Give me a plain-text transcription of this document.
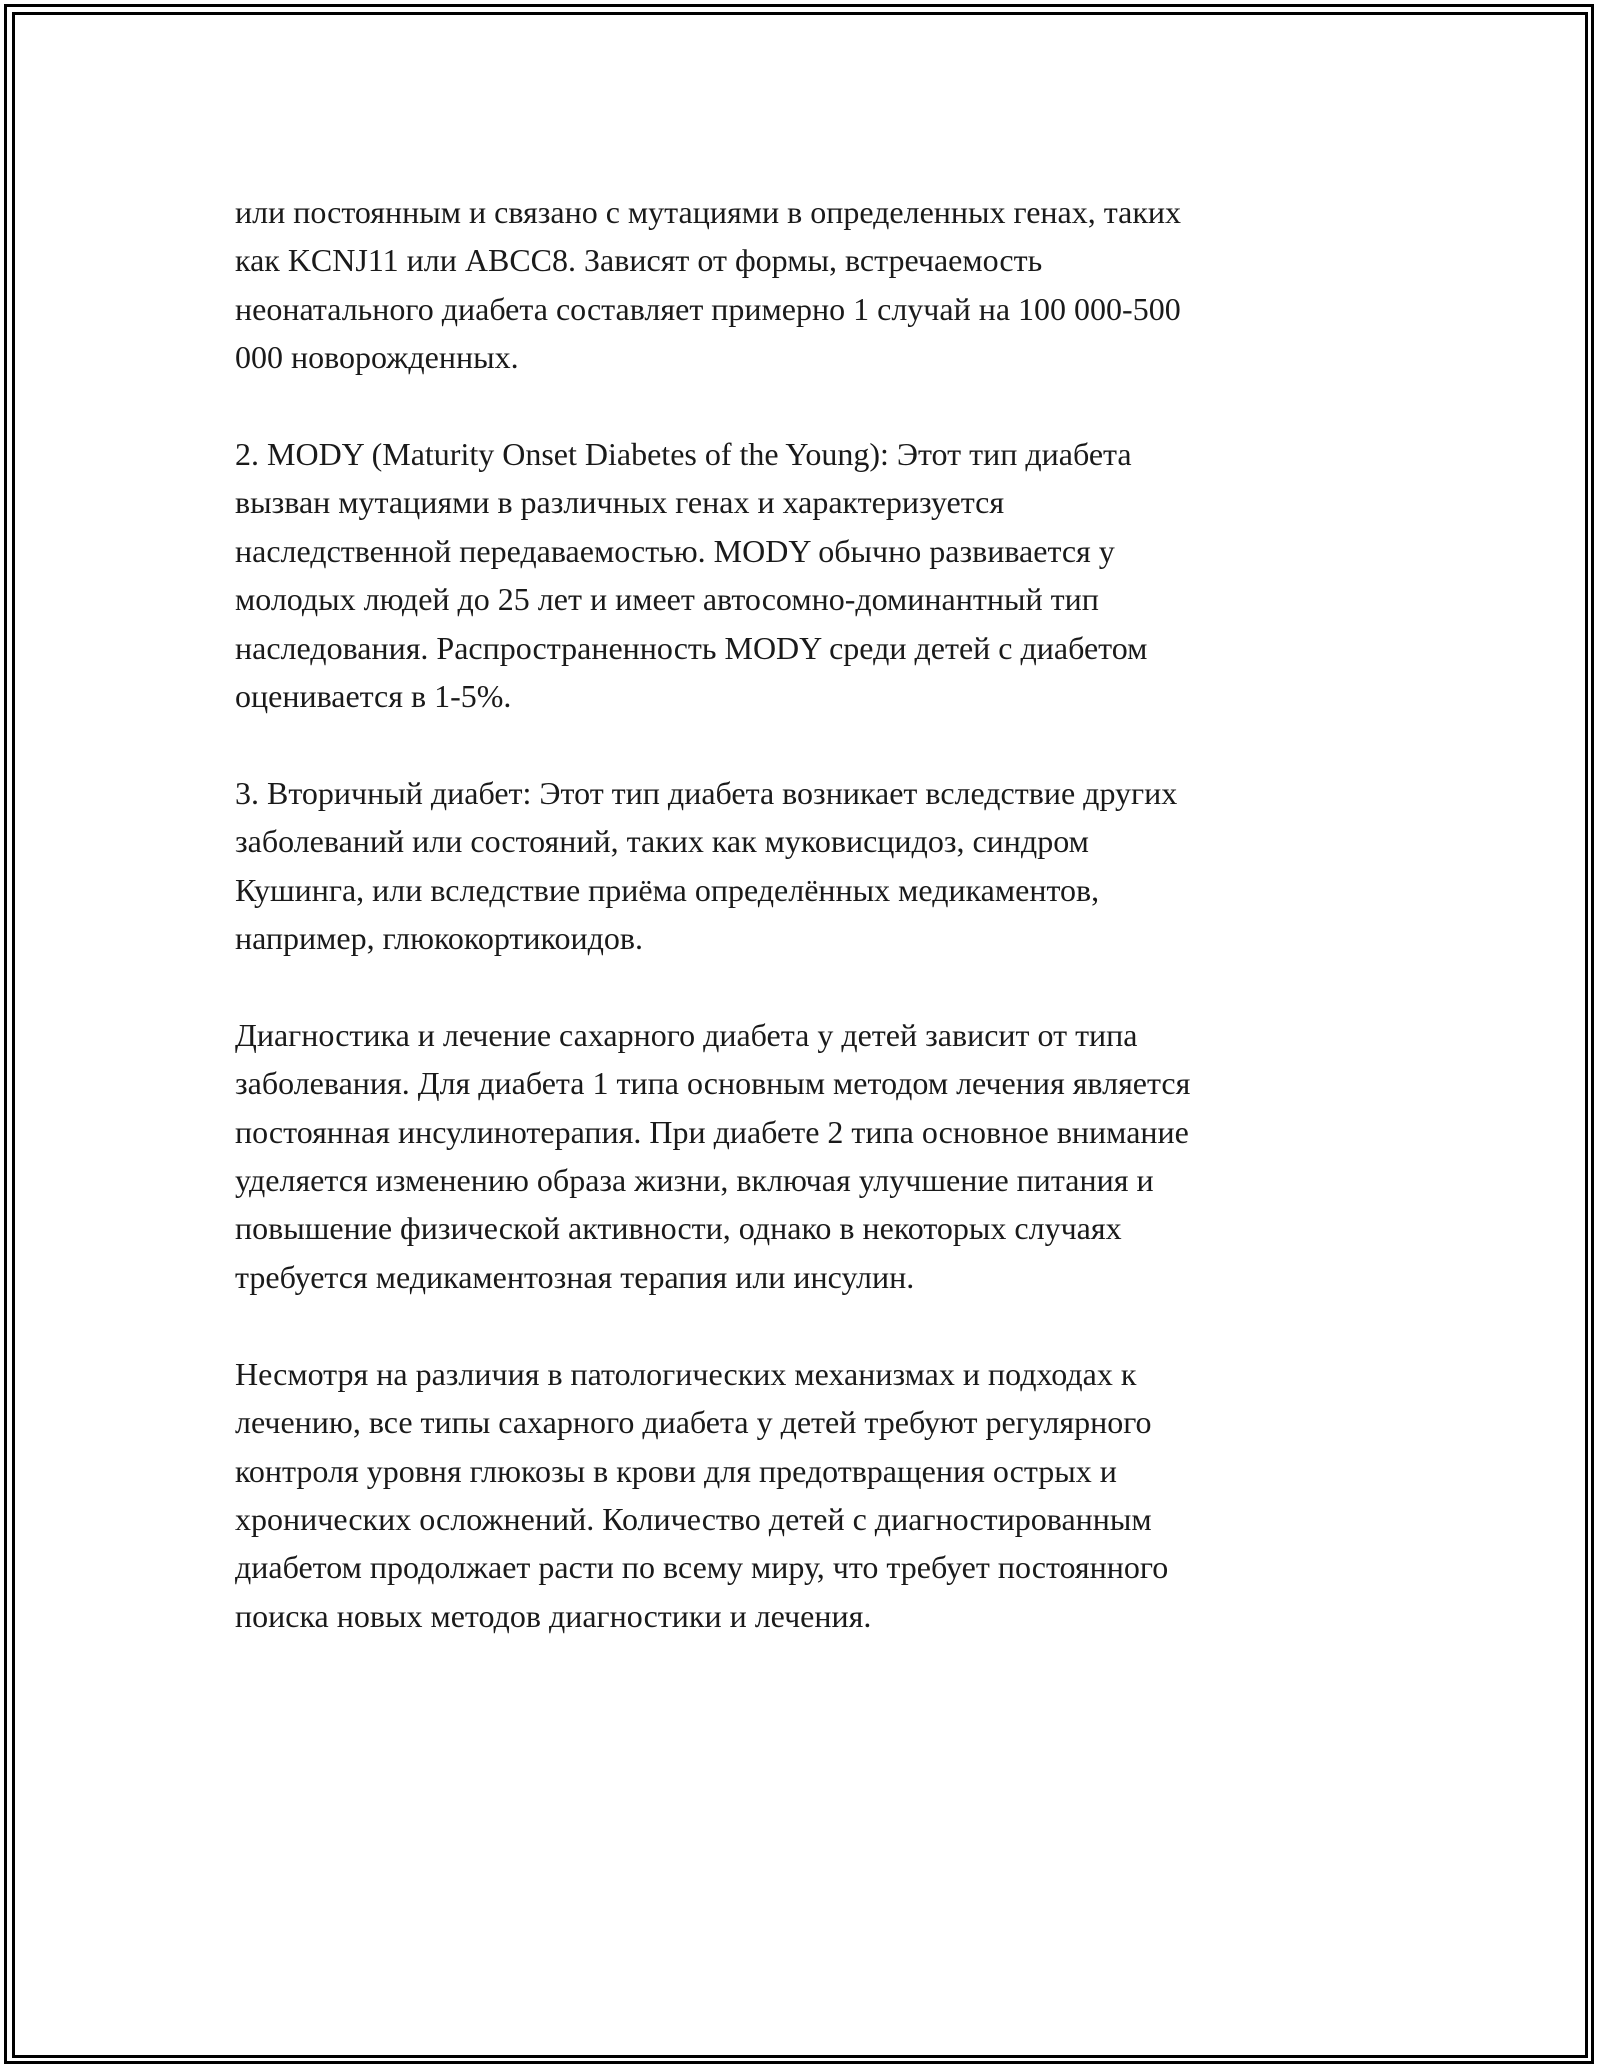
или постоянным и связано с мутациями в определенных генах, таких
как KCNJ11 или ABCC8. Зависят от формы, встречаемость
неонатального диабета составляет примерно 1 случай на 100 000-500
000 новорожденных.

2. MODY (Maturity Onset Diabetes of the Young): Этот тип диабета
вызван мутациями в различных генах и характеризуется
наследственной передаваемостью. MODY обычно развивается у
молодых людей до 25 лет и имеет автосомно-доминантный тип
наследования. Распространенность MODY среди детей с диабетом
оценивается в 1-5%.

3. Вторичный диабет: Этот тип диабета возникает вследствие других
заболеваний или состояний, таких как муковисцидоз, синдром
Кушинга, или вследствие приёма определённых медикаментов,
например, глюкокортикоидов.

Диагностика и лечение сахарного диабета у детей зависит от типа
заболевания. Для диабета 1 типа основным методом лечения является
постоянная инсулинотерапия. При диабете 2 типа основное внимание
уделяется изменению образа жизни, включая улучшение питания и
повышение физической активности, однако в некоторых случаях
требуется медикаментозная терапия или инсулин.

Несмотря на различия в патологических механизмах и подходах к
лечению, все типы сахарного диабета у детей требуют регулярного
контроля уровня глюкозы в крови для предотвращения острых и
хронических осложнений. Количество детей с диагностированным
диабетом продолжает расти по всему миру, что требует постоянного
поиска новых методов диагностики и лечения.
